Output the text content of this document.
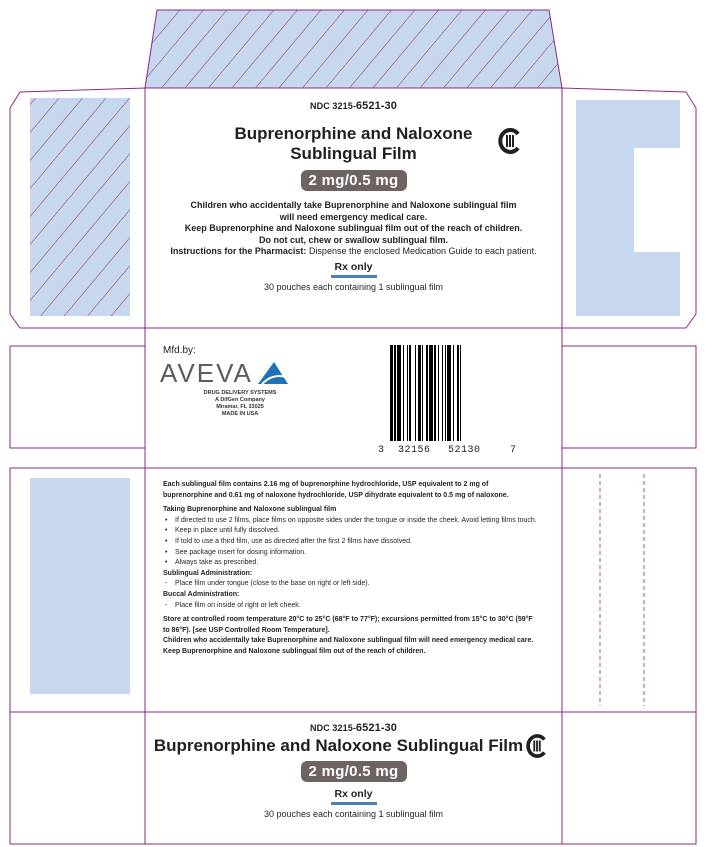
NDC 3215-6521-30
Buprenorphine and Naloxone
Sublingual Film
2 mg/0.5 mg
Children who accidentally take Buprenorphine and Naloxone sublingual film
will need emergency medical care.
Keep Buprenorphine and Naloxone sublingual film out of the reach of children.
Do not cut, chew or swallow sublingual film.
Instructions for the Pharmacist: Dispense the enclosed Medication Guide to each patient.
Rx only
30 pouches each containing 1 sublingual film
Mfd.by:
AVEVA
DRUG DELIVERY SYSTEMS
A DifGen Company
Miramar, FL 33025
MADE IN USA
3 32156 52130	7
Each sublingual film contains 2.16 mg of buprenorphine hydrochloride, USP equivalent to 2 mg of buprenorphine and 0.61 mg of naloxone hydrochloride, USP dihydrate equivalent to 0.5 mg of naloxone.
Taking Buprenorphine and Naloxone sublingual film
• If directed to use 2 films, place films on opposite sides under the tongue or inside the cheek. Avoid letting films touch.
• Keep in place until fully dissolved.
• If told to use a third film, use as directed after the first 2 films have dissolved.
• See package insert for dosing information.
• Always take as prescribed.
Sublingual Administration:
- Place film under tongue (close to the base on right or left side).
Buccal Administration:
- Place film on inside of right or left cheek.
Store at controlled room temperature 20°C to 25°C (68°F to 77°F); excursions permitted from 15°C to 30°C (59°F to 86°F). [see USP Controlled Room Temperature].
Children who accidentally take Buprenorphine and Naloxone sublingual film will need emergency medical care. Keep Buprenorphine and Naloxone sublingual film out of the reach of children.
NDC 3215-6521-30
Buprenorphine and Naloxone Sublingual Film
2 mg/0.5 mg
Rx only
30 pouches each containing 1 sublingual film
